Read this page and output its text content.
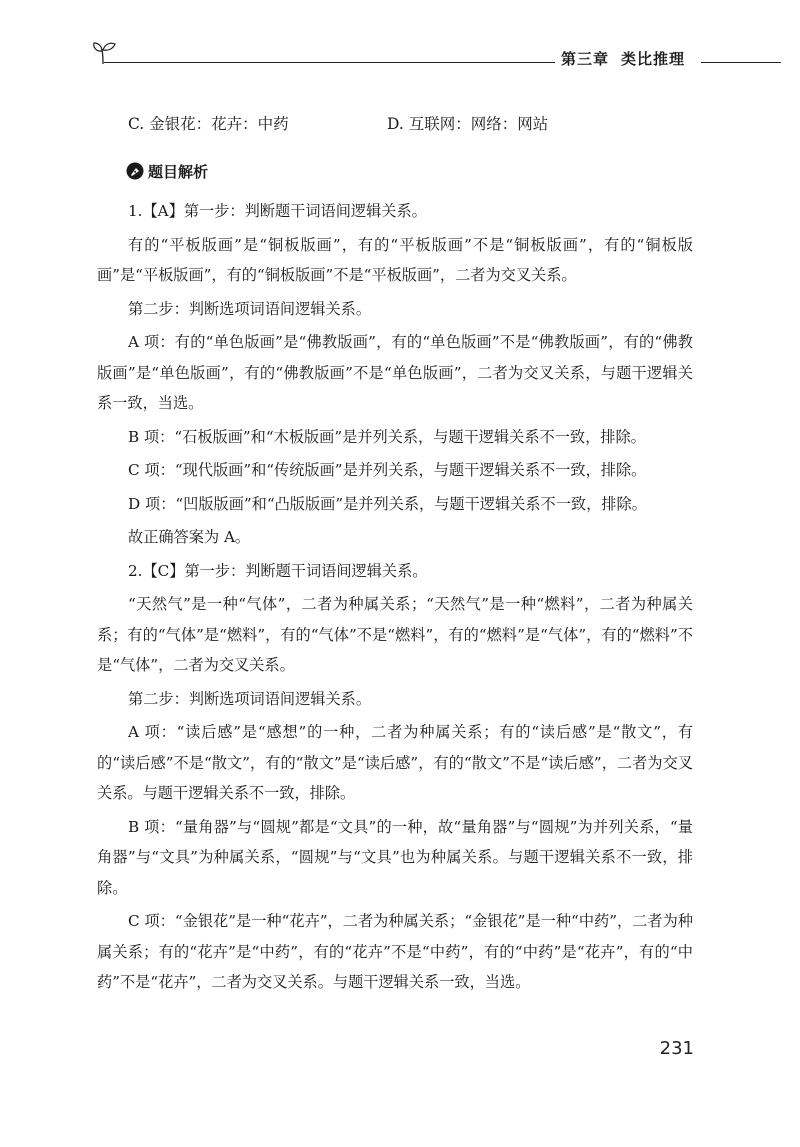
第三章 类比推理
C. 金银花：花卉：中药	D. 互联网：网络：网站
题目解析

1.【A】第一步：判断题干词语间逻辑关系。

有的“平板版画”是“铜板版画”，有的“平板版画”不是“铜板版画”，有的“铜板版画”是“平板版画”，有的“铜板版画”不是“平板版画”，二者为交叉关系。

第二步：判断选项词语间逻辑关系。

A 项：有的“单色版画”是“佛教版画”，有的“单色版画”不是“佛教版画”，有的“佛教版画”是“单色版画”，有的“佛教版画”不是“单色版画”，二者为交叉关系，与题干逻辑关系一致，当选。

B 项：“石板版画”和“木板版画”是并列关系，与题干逻辑关系不一致，排除。

C 项：“现代版画”和“传统版画”是并列关系，与题干逻辑关系不一致，排除。

D 项：“凹版版画”和“凸版版画”是并列关系，与题干逻辑关系不一致，排除。

故正确答案为 A。

2.【C】第一步：判断题干词语间逻辑关系。

“天然气”是一种“气体”，二者为种属关系；“天然气”是一种“燃料”，二者为种属关系；有的“气体”是“燃料”，有的“气体”不是“燃料”，有的“燃料”是“气体”，有的“燃料”不是“气体”，二者为交叉关系。

第二步：判断选项词语间逻辑关系。

A 项：“读后感”是“感想”的一种，二者为种属关系；有的“读后感”是“散文”，有的“读后感”不是“散文”，有的“散文”是“读后感”，有的“散文”不是“读后感”，二者为交叉关系。与题干逻辑关系不一致，排除。

B 项：“量角器”与“圆规”都是“文具”的一种，故“量角器”与“圆规”为并列关系，“量角器”与“文具”为种属关系，“圆规”与“文具”也为种属关系。与题干逻辑关系不一致，排除。

C 项：“金银花”是一种“花卉”，二者为种属关系；“金银花”是一种“中药”，二者为种属关系；有的“花卉”是“中药”，有的“花卉”不是“中药”，有的“中药”是“花卉”，有的“中药”不是“花卉”，二者为交叉关系。与题干逻辑关系一致，当选。

231
